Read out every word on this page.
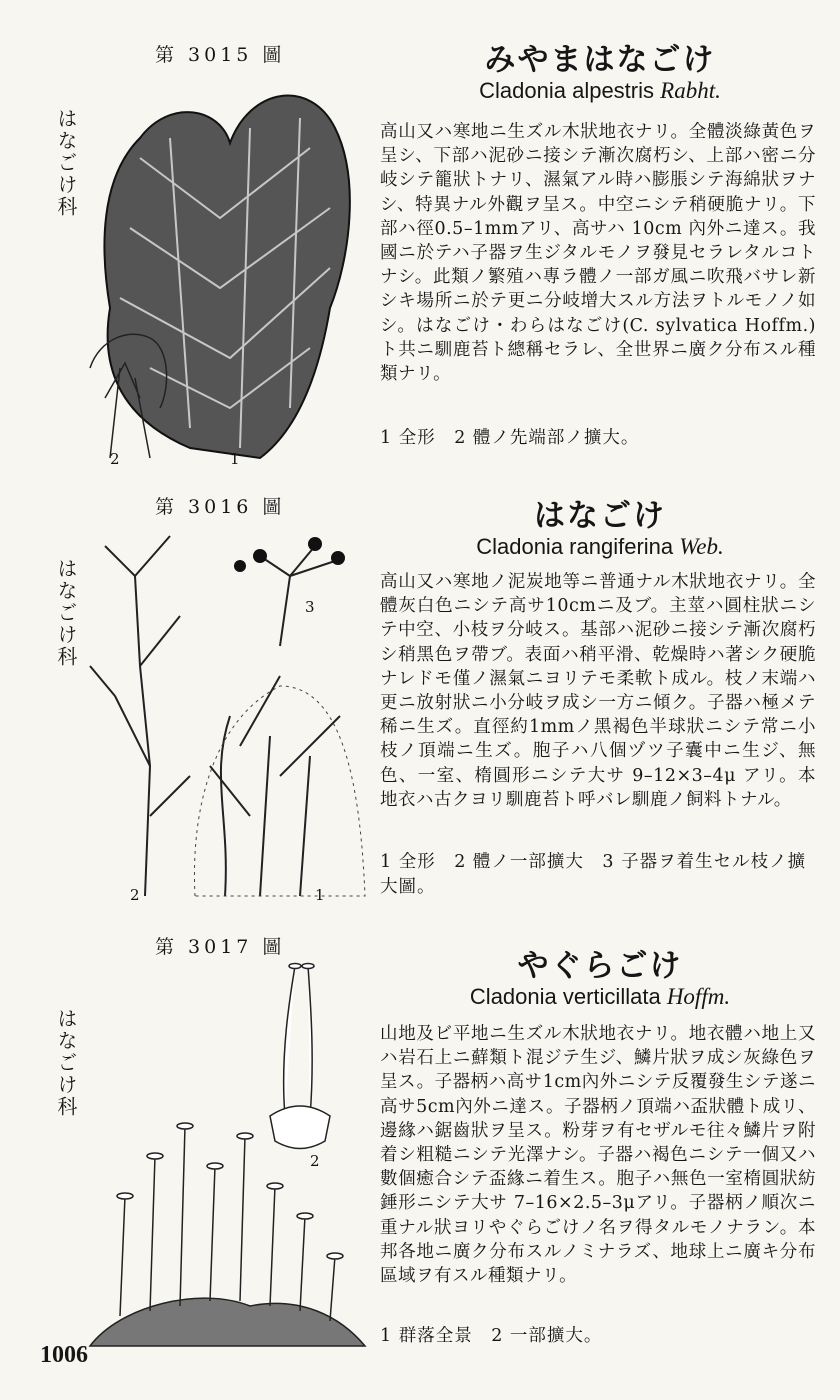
第 3015 圖
はなごけ科
2	1
みやまはなごけ
Cladonia alpestris Rabht.
高山又ハ寒地ニ生ズル木狀地衣ナリ。全體淡綠黃色ヲ呈シ、下部ハ泥砂ニ接シテ漸次腐朽シ、上部ハ密ニ分岐シテ籠狀トナリ、濕氣アル時ハ膨脹シテ海綿狀ヲナシ、特異ナル外觀ヲ呈ス。中空ニシテ稍硬脆ナリ。下部ハ徑0.5–1mmアリ、高サハ 10cm 內外ニ達ス。我國ニ於テハ子器ヲ生ジタルモノヲ發見セラレタルコトナシ。此類ノ繁殖ハ專ラ體ノ一部ガ風ニ吹飛バサレ新シキ場所ニ於テ更ニ分岐增大スル方法ヲトルモノノ如シ。はなごけ・わらはなごけ(C. sylvatica Hoffm.)ト共ニ馴鹿苔ト總稱セラレ、全世界ニ廣ク分布スル種類ナリ。
1 全形　2 體ノ先端部ノ擴大。
第 3016 圖
はなごけ科
2	1
3
はなごけ
Cladonia rangiferina Web.
高山又ハ寒地ノ泥炭地等ニ普通ナル木狀地衣ナリ。全體灰白色ニシテ高サ10cmニ及ブ。主莖ハ圓柱狀ニシテ中空、小枝ヲ分岐ス。基部ハ泥砂ニ接シテ漸次腐朽シ稍黑色ヲ帶ブ。表面ハ稍平滑、乾燥時ハ著シク硬脆ナレドモ僅ノ濕氣ニヨリテモ柔軟ト成ル。枝ノ末端ハ更ニ放射狀ニ小分岐ヲ成シ一方ニ傾ク。子器ハ極メテ稀ニ生ズ。直徑約1mmノ黑褐色半球狀ニシテ常ニ小枝ノ頂端ニ生ズ。胞子ハ八個ヅツ子囊中ニ生ジ、無色、一室、楕圓形ニシテ大サ 9–12×3–4μ アリ。本地衣ハ古クヨリ馴鹿苔ト呼バレ馴鹿ノ飼料トナル。
1 全形　2 體ノ一部擴大　3 子器ヲ着生セル枝ノ擴大圖。
第 3017 圖
はなごけ科
2
やぐらごけ
Cladonia verticillata Hoffm.
山地及ビ平地ニ生ズル木狀地衣ナリ。地衣體ハ地上又ハ岩石上ニ蘚類ト混ジテ生ジ、鱗片狀ヲ成シ灰綠色ヲ呈ス。子器柄ハ高サ1cm內外ニシテ反覆發生シテ遂ニ高サ5cm內外ニ達ス。子器柄ノ頂端ハ盃狀體ト成リ、邊緣ハ鋸齒狀ヲ呈ス。粉芽ヲ有セザルモ往々鱗片ヲ附着シ粗糙ニシテ光澤ナシ。子器ハ褐色ニシテ一個又ハ數個癒合シテ盃緣ニ着生ス。胞子ハ無色一室楕圓狀紡錘形ニシテ大サ 7–16×2.5–3μアリ。子器柄ノ順次ニ重ナル狀ヨリやぐらごけノ名ヲ得タルモノナラン。本邦各地ニ廣ク分布スルノミナラズ、地球上ニ廣キ分布區域ヲ有スル種類ナリ。
1 群落全景　2 一部擴大。
1006
